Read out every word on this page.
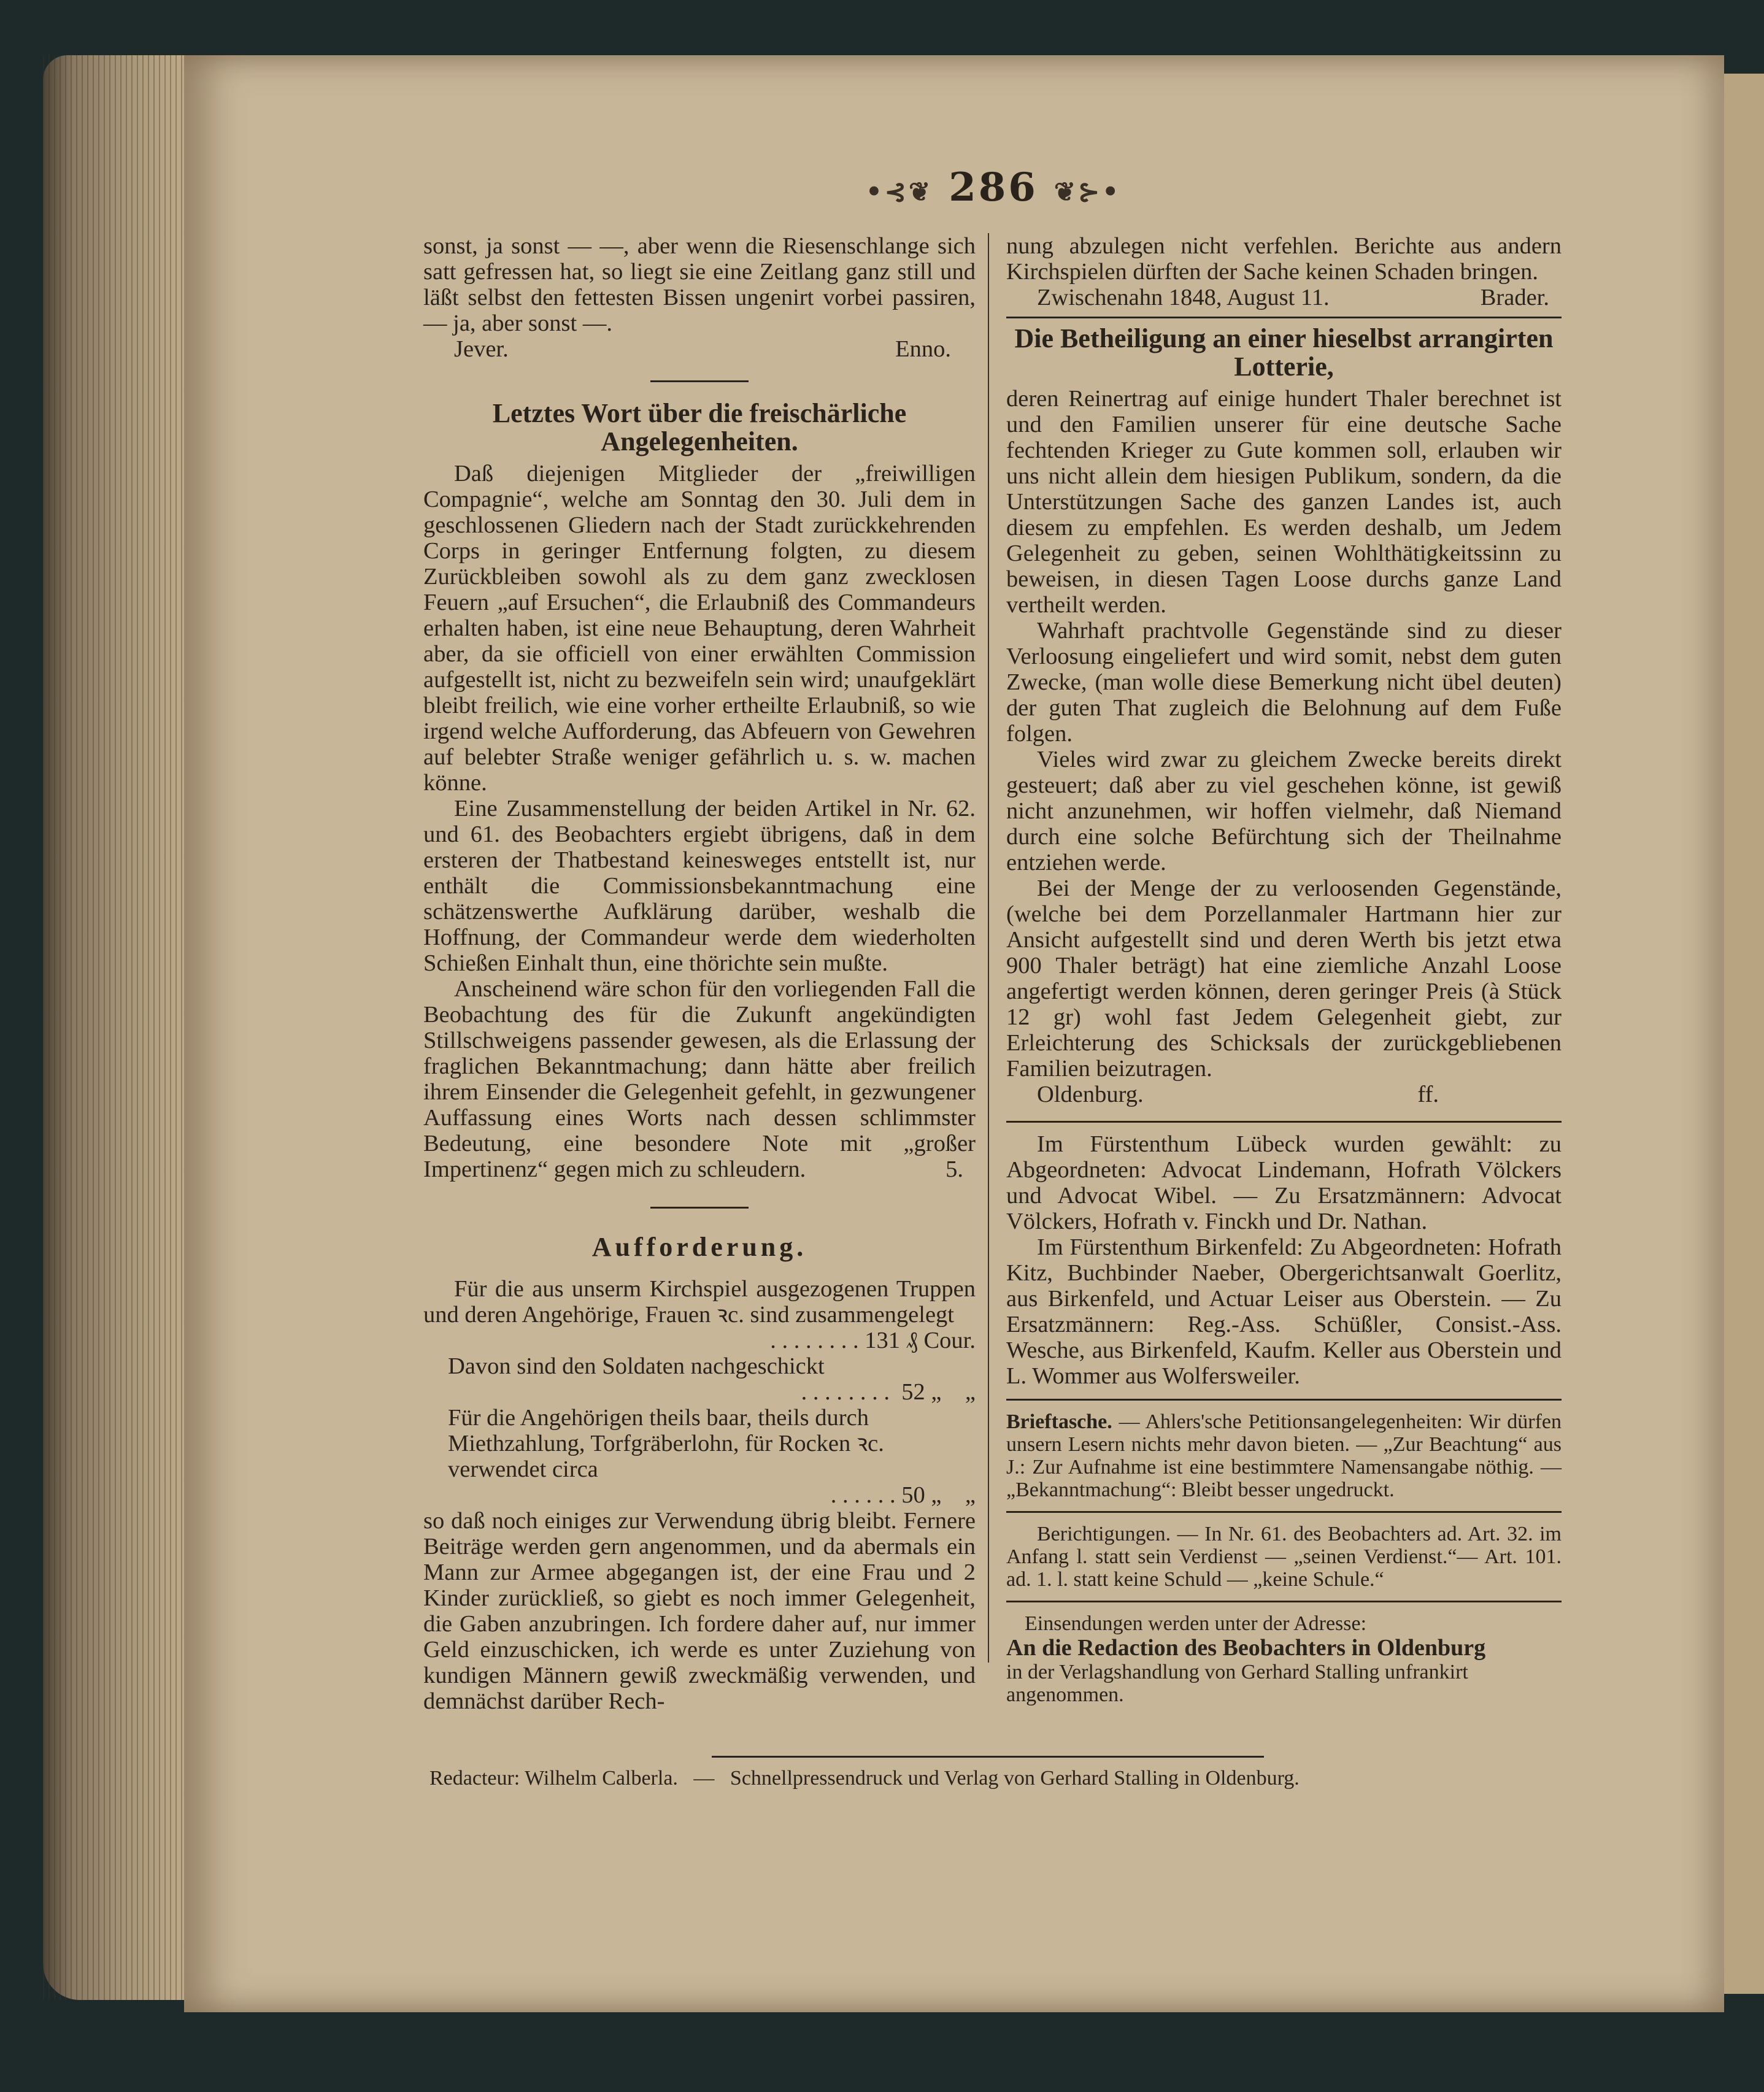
•⊰❦ 286 ❦⊱•

sonst, ja sonst — —, aber wenn die Riesenschlange sich satt gefressen hat, so liegt sie eine Zeitlang ganz still und läßt selbst den fettesten Bissen ungenirt vorbei passiren, — ja, aber sonst —.

Jever.	Enno.
Letztes Wort über die freischärliche Angelegenheiten.

Daß diejenigen Mitglieder der „freiwilligen Compagnie“, welche am Sonntag den 30. Juli dem in geschlossenen Gliedern nach der Stadt zurückkehrenden Corps in geringer Entfernung folgten, zu diesem Zurückbleiben sowohl als zu dem ganz zwecklosen Feuern „auf Ersuchen“, die Erlaubniß des Commandeurs erhalten haben, ist eine neue Behauptung, deren Wahrheit aber, da sie officiell von einer erwählten Commission aufgestellt ist, nicht zu bezweifeln sein wird; unaufgeklärt bleibt freilich, wie eine vorher ertheilte Erlaubniß, so wie irgend welche Aufforderung, das Abfeuern von Gewehren auf belebter Straße weniger gefährlich u. s. w. machen könne.

Eine Zusammenstellung der beiden Artikel in Nr. 62. und 61. des Beobachters ergiebt übrigens, daß in dem ersteren der Thatbestand keinesweges entstellt ist, nur enthält die Commissionsbekanntmachung eine schätzenswerthe Aufklärung darüber, weshalb die Hoffnung, der Commandeur werde dem wiederholten Schießen Einhalt thun, eine thörichte sein mußte.

Anscheinend wäre schon für den vorliegenden Fall die Beobachtung des für die Zukunft angekündigten Stillschweigens passender gewesen, als die Erlassung der fraglichen Bekanntmachung; dann hätte aber freilich ihrem Einsender die Gelegenheit gefehlt, in gezwungener Auffassung eines Worts nach dessen schlimmster Bedeutung, eine besondere Note mit „großer Impertinenz“ gegen mich zu schleudern.	5.

Aufforderung.

Für die aus unserm Kirchspiel ausgezogenen Truppen und deren Angehörige, Frauen ꝛc. sind zusammengelegt

. . . . . . . . 131 ₰ Cour.
Davon sind den Soldaten nachgeschickt
. . . . . . . .  52 „    „
Für die Angehörigen theils baar, theils durch Miethzahlung, Torfgräberlohn, für Rocken ꝛc. verwendet circa
. . . . . . 50 „    „

so daß noch einiges zur Verwendung übrig bleibt. Fernere Beiträge werden gern angenommen, und da abermals ein Mann zur Armee abgegangen ist, der eine Frau und 2 Kinder zurückließ, so giebt es noch immer Gelegenheit, die Gaben anzubringen. Ich fordere daher auf, nur immer Geld einzuschicken, ich werde es unter Zuziehung von kundigen Männern gewiß zweckmäßig verwenden, und demnächst darüber Rech-

nung abzulegen nicht verfehlen. Berichte aus andern Kirchspielen dürften der Sache keinen Schaden bringen.

Zwischenahn 1848, August 11.	Brader.
Die Betheiligung an einer hieselbst arrangirten Lotterie,

deren Reinertrag auf einige hundert Thaler berechnet ist und den Familien unserer für eine deutsche Sache fechtenden Krieger zu Gute kommen soll, erlauben wir uns nicht allein dem hiesigen Publikum, sondern, da die Unterstützungen Sache des ganzen Landes ist, auch diesem zu empfehlen. Es werden deshalb, um Jedem Gelegenheit zu geben, seinen Wohlthätigkeitssinn zu beweisen, in diesen Tagen Loose durchs ganze Land vertheilt werden.

Wahrhaft prachtvolle Gegenstände sind zu dieser Verloosung eingeliefert und wird somit, nebst dem guten Zwecke, (man wolle diese Bemerkung nicht übel deuten) der guten That zugleich die Belohnung auf dem Fuße folgen.

Vieles wird zwar zu gleichem Zwecke bereits direkt gesteuert; daß aber zu viel geschehen könne, ist gewiß nicht anzunehmen, wir hoffen vielmehr, daß Niemand durch eine solche Befürchtung sich der Theilnahme entziehen werde.

Bei der Menge der zu verloosenden Gegenstände, (welche bei dem Porzellanmaler Hartmann hier zur Ansicht aufgestellt sind und deren Werth bis jetzt etwa 900 Thaler beträgt) hat eine ziemliche Anzahl Loose angefertigt werden können, deren geringer Preis (à Stück 12 gr) wohl fast Jedem Gelegenheit giebt, zur Erleichterung des Schicksals der zurückgebliebenen Familien beizutragen.

Oldenburg.	ff.

Im Fürstenthum Lübeck wurden gewählt: zu Abgeordneten: Advocat Lindemann, Hofrath Völckers und Advocat Wibel. — Zu Ersatzmännern: Advocat Völckers, Hofrath v. Finckh und Dr. Nathan.

Im Fürstenthum Birkenfeld: Zu Abgeordneten: Hofrath Kitz, Buchbinder Naeber, Obergerichtsanwalt Goerlitz, aus Birkenfeld, und Actuar Leiser aus Oberstein. — Zu Ersatzmännern: Reg.-Ass. Schüßler, Consist.-Ass. Wesche, aus Birkenfeld, Kaufm. Keller aus Oberstein und L. Wommer aus Wolfersweiler.

Brieftasche. — Ahlers'sche Petitionsangelegenheiten: Wir dürfen unsern Lesern nichts mehr davon bieten. — „Zur Beachtung“ aus J.: Zur Aufnahme ist eine bestimmtere Namensangabe nöthig. — „Bekanntmachung“: Bleibt besser ungedruckt.

Berichtigungen. — In Nr. 61. des Beobachters ad. Art. 32. im Anfang l. statt sein Verdienst — „seinen Verdienst.“— Art. 101. ad. 1. l. statt keine Schuld — „keine Schule.“

Einsendungen werden unter der Adresse:

An die Redaction des Beobachters in Oldenburg

in der Verlagshandlung von Gerhard Stalling unfrankirt angenommen.

Redacteur: Wilhelm Calberla.   —   Schnellpressendruck und Verlag von Gerhard Stalling in Oldenburg.
